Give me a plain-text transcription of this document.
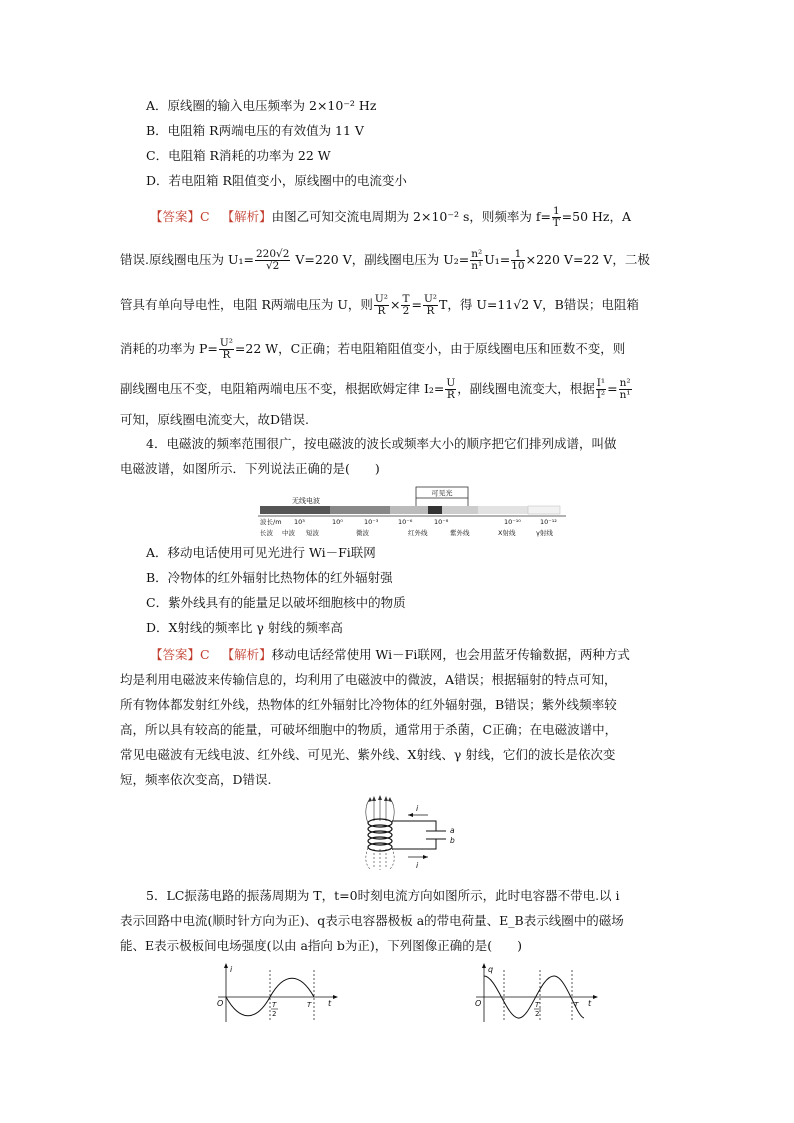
A．原线圈的输入电压频率为 2×10⁻² Hz
B．电阻箱 R两端电压的有效值为 11 V
C．电阻箱 R消耗的功率为 22 W
D．若电阻箱 R阻值变小，原线圈中的电流变小
【答案】C 【解析】由图乙可知交流电周期为 2×10⁻² s，则频率为 $f= \frac{1}{T} =50$ Hz，A
错误.原线圈电压为 $U_1= \frac{220√2}{√2} V=220$ V，副线圈电压为 $U_2= \frac{\text{n²}}{\text{n¹}} U_1= \frac{1}{10} \times 220$ V=22 V，二极
管具有单向导电性，电阻 R两端电压为 U，则 $\frac{\text{U²}}{R} \times \frac{T}{2} = \frac{\text{U²}}{R}$ T，得 U=11√2 V，B错误；电阻箱
消耗的功率为 $P= \frac{\text{U²}}{R} =22$ W，C正确；若电阻箱阻值变小，由于原线圈电压和匝数不变，则
副线圈电压不变，电阻箱两端电压不变，根据欧姆定律 $I_2= \frac{U}{R}$ ，副线圈电流变大，根据 $\frac{\text{I¹}}{\text{I²}} = \frac{\text{n²}}{\text{n¹}}$
可知，原线圈电流变大，故D错误.
4．电磁波的频率范围很广，按电磁波的波长或频率大小的顺序把它们排列成谱，叫做
电磁波谱，如图所示．下列说法正确的是(　　)
可见光
无线电波
波长/m 10³	10⁰	10⁻³	10⁻⁶	10⁻⁸	10⁻¹⁰	10⁻¹²
长波 中波 短波	微波	红外线	紫外线	X射线	γ射线
A．移动电话使用可见光进行 Wi－Fi联网
B．冷物体的红外辐射比热物体的红外辐射强
C．紫外线具有的能量足以破坏细胞核中的物质
D．X射线的频率比 γ 射线的频率高
【答案】C 【解析】移动电话经常使用 Wi－Fi联网，也会用蓝牙传输数据，两种方式
均是利用电磁波来传输信息的，均利用了电磁波中的微波，A错误；根据辐射的特点可知，
所有物体都发射红外线，热物体的红外辐射比冷物体的红外辐射强，B错误；紫外线频率较
高，所以具有较高的能量，可破坏细胞中的物质，通常用于杀菌，C正确；在电磁波谱中，
常见电磁波有无线电波、红外线、可见光、紫外线、X射线、γ 射线，它们的波长是依次变
短，频率依次变高，D错误.
i
i
a
b
5．LC振荡电路的振荡周期为 T，t=0时刻电流方向如图所示，此时电容器不带电.以 i
表示回路中电流(顺时针方向为正)、q表示电容器极板 a的带电荷量、E_B表示线圈中的磁场
能、E表示极板间电场强度(以由 a指向 b为正)，下列图像正确的是(　　)
i
O	T
2
T t
q
O	T
2
T t
